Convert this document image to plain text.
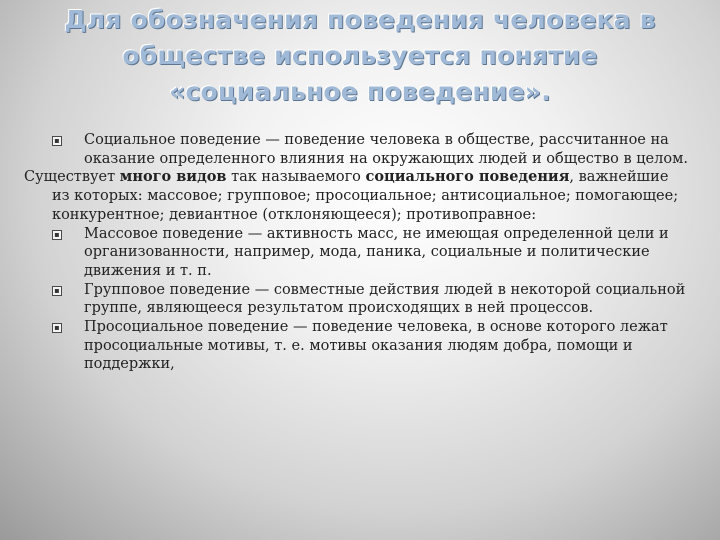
Для обозначения поведения человека в
обществе используется понятие
«социальное поведение».
▪ Социальное поведение — поведение человека в обществе, рассчитанное на оказание определенного влияния на окружающих людей и общество в целом.
Существует много видов так называемого социального поведения, важнейшие из которых: массовое; групповое; просоциальное; антисоциальное; помогающее; конкурентное; девиантное (отклоняющееся); противоправное:
▪ Массовое поведение — активность масс, не имеющая определенной цели и организованности, например, мода, паника, социальные и политические движения и т. п.
▪ Групповое поведение — совместные действия людей в некоторой социальной группе, являющееся результатом происходящих в ней процессов.
▪ Просоциальное поведение — поведение человека, в основе которого лежат просоциальные мотивы, т. е. мотивы оказания людям добра, помощи и поддержки,
